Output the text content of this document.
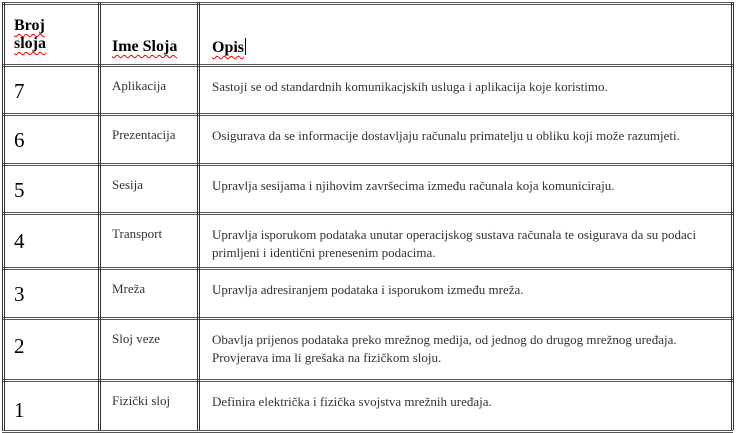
Broj
sloja	Ime Sloja	Opis
7	Aplikacija	Sastoji se od standardnih komunikacjskih usluga i aplikacija koje koristimo.
6	Prezentacija	Osigurava da se informacije dostavljaju računalu primatelju u obliku koji može razumjeti.
5	Sesija	Upravlja sesijama i njihovim završecima između računala koja komuniciraju.
4	Transport	Upravlja isporukom podataka unutar operacijskog sustava računala te osigurava da su podaci
primljeni i identični prenesenim podacima.
3	Mreža	Upravlja adresiranjem podataka i isporukom između mreža.
2	Sloj veze	Obavlja prijenos podataka preko mrežnog medija, od jednog do drugog mrežnog uređaja.
Provjerava ima li grešaka na fizičkom sloju.
1	Fizički sloj	Definira električka i fizička svojstva mrežnih uređaja.
